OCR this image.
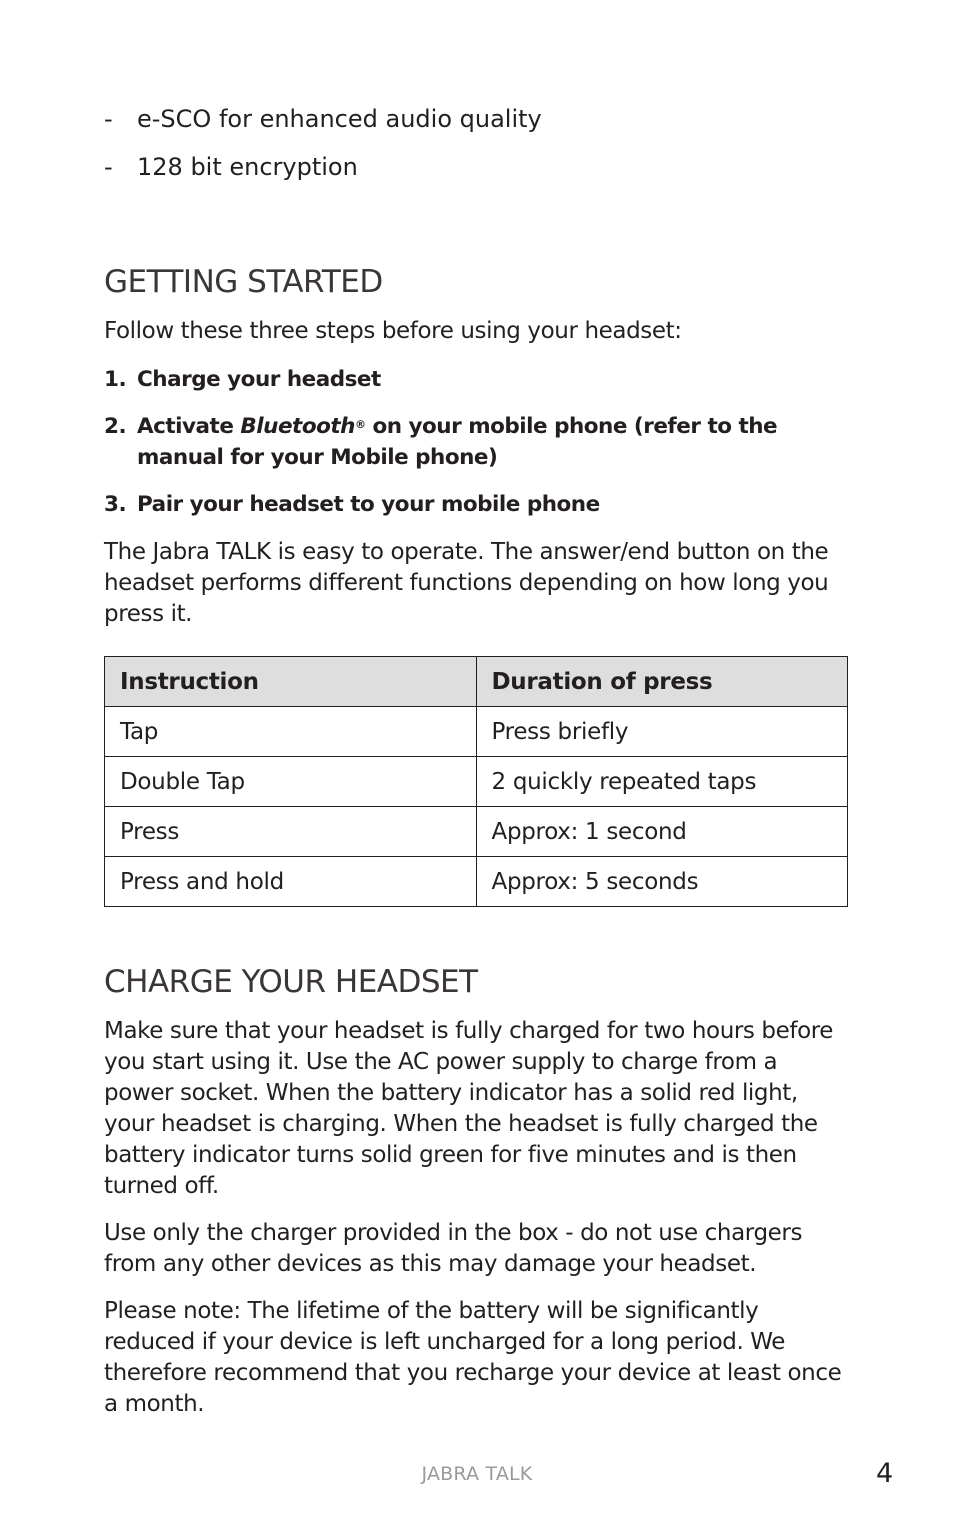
- e-SCO for enhanced audio quality
- 128 bit encryption
GETTING STARTED

Follow these three steps before using your headset:

1. Charge your headset
2. Activate Bluetooth® on your mobile phone (refer to the manual for your Mobile phone)
3. Pair your headset to your mobile phone

The Jabra TALK is easy to operate. The answer/end button on the headset performs different functions depending on how long you press it.

Instruction	Duration of press
Tap	Press briefly
Double Tap	2 quickly repeated taps
Press	Approx: 1 second
Press and hold	Approx: 5 seconds
CHARGE YOUR HEADSET

Make sure that your headset is fully charged for two hours before you start using it. Use the AC power supply to charge from a power socket. When the battery indicator has a solid red light, your headset is charging. When the headset is fully charged the battery indicator turns solid green for five minutes and is then turned off.

Use only the charger provided in the box - do not use chargers from any other devices as this may damage your headset.

Please note: The lifetime of the battery will be significantly reduced if your device is left uncharged for a long period. We therefore recommend that you recharge your device at least once a month.

JABRA TALK	4
